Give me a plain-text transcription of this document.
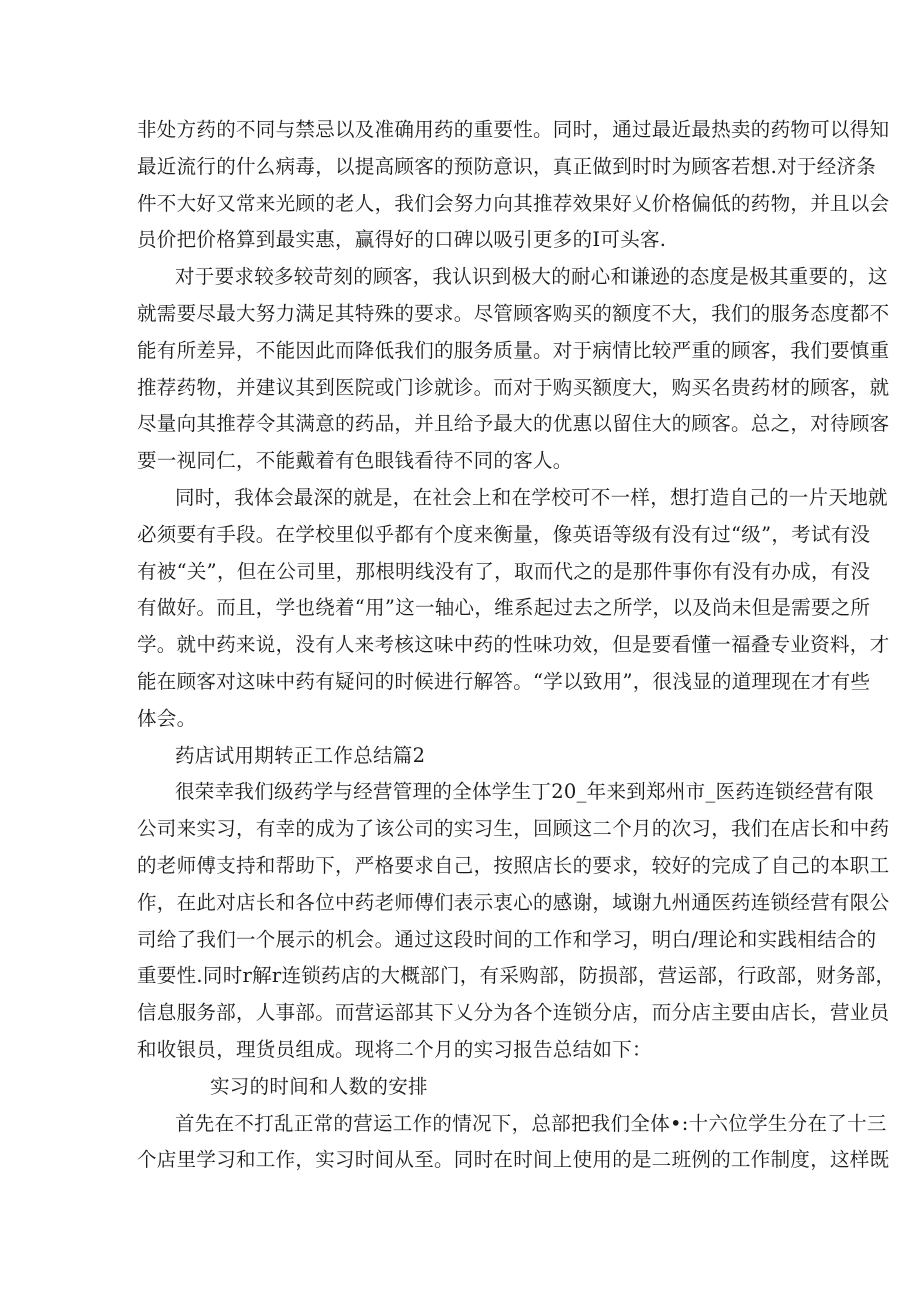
非处方药的不同与禁忌以及准确用药的重要性。同时，通过最近最热卖的药物可以得知
最近流行的什么病毒，以提高顾客的预防意识，真正做到时时为顾客若想.对于经济条
件不大好又常来光顾的老人，我们会努力向其推荐效果好乂价格偏低的药物，并且以会
员价把价格算到最实惠，赢得好的口碑以吸引更多的Ⅰ可头客.
对于要求较多较苛刻的顾客，我认识到极大的耐心和谦逊的态度是极其重要的，这
就需要尽最大努力满足其特殊的要求。尽管顾客购买的额度不大，我们的服务态度都不
能有所差异，不能因此而降低我们的服务质量。对于病情比较严重的顾客，我们要慎重
推荐药物，并建议其到医院或门诊就诊。而对于购买额度大，购买名贵药材的顾客，就
尽量向其推荐令其满意的药品，并且给予最大的优惠以留住大的顾客。总之，对待顾客
要一视同仁，不能戴着有色眼钱看待不同的客人。
同时，我体会最深的就是，在社会上和在学校可不一样，想打造自己的一片天地就
必须要有手段。在学校里似乎都有个度来衡量，像英语等级有没有过“级”，考试有没
有被“关”，但在公司里，那根明线没有了，取而代之的是那件事你有没有办成，有没
有做好。而且，学也绕着“用”这一轴心，维系起过去之所学，以及尚未但是需要之所
学。就中药来说，没有人来考核这味中药的性味功效，但是要看懂一福叠专业资料，才
能在顾客对这味中药有疑问的时候进行解答。“学以致用”，很浅显的道理现在才有些
体会。
药店试用期转正工作总结篇2
很荣幸我们级药学与经营管理的全体学生丁20_年来到郑州市_医药连锁经营有限
公司来实习，有幸的成为了该公司的实习生，回顾这二个月的次习，我们在店长和中药
的老师傅支持和帮助下，严格要求自己，按照店长的要求，较好的完成了自己的本职工
作，在此对店长和各位中药老师傅们表示衷心的感谢，域谢九州通医药连锁经营有限公
司给了我们一个展示的机会。通过这段时间的工作和学习，明白/理论和实践相结合的
重要性.同时r解r连锁药店的大概部门，有采购部，防损部，营运部，行政部，财务部，
信息服务部，人事部。而营运部其下乂分为各个连锁分店，而分店主要由店长，营业员
和收银员，理货员组成。现将二个月的实习报告总结如下：
实习的时间和人数的安排
首先在不打乱正常的营运工作的情况下，总部把我们全体•:十六位学生分在了十三
个店里学习和工作，实习时间从至。同时在时间上使用的是二班例的工作制度，这样既
